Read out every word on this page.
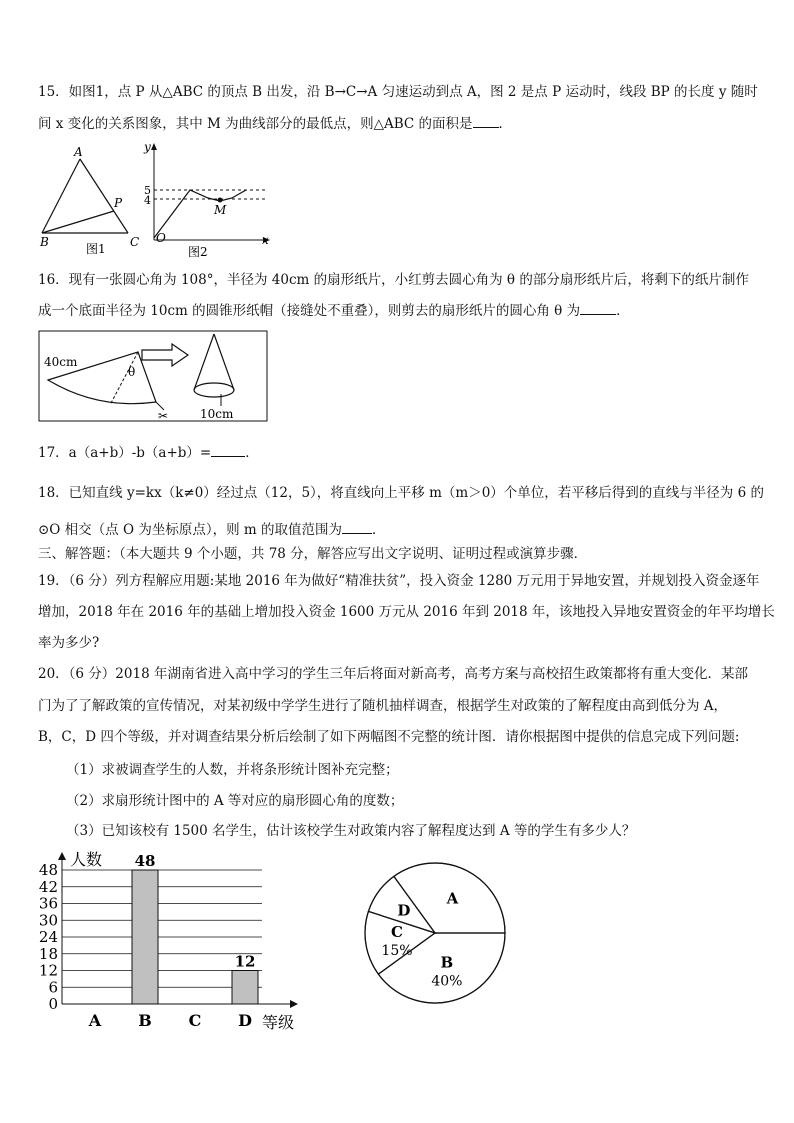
15．如图1，点 P 从△ABC 的顶点 B 出发，沿 B→C→A 匀速运动到点 A，图 2 是点 P 运动时，线段 BP 的长度 y 随时
间 x 变化的关系图象，其中 M 为曲线部分的最低点，则△ABC 的面积是 ．
A
B	C
P
图1
y
5
4
M
O	x
图2
16．现有一张圆心角为 108°，半径为 40cm 的扇形纸片，小红剪去圆心角为 θ 的部分扇形纸片后，将剩下的纸片制作
成一个底面半径为 10cm 的圆锥形纸帽（接缝处不重叠），则剪去的扇形纸片的圆心角 θ 为	．
✂
40cm
θ
10cm
17．a（a+b）-b（a+b）=	．
18．已知直线 y=kx（k≠0）经过点（12，5），将直线向上平移 m（m＞0）个单位，若平移后得到的直线与半径为 6 的
⊙O 相交（点 O 为坐标原点），则 m 的取值范围为 ．
三、解答题：（本大题共 9 个小题，共 78 分，解答应写出文字说明、证明过程或演算步骤．
19．（6 分）列方程解应用题:某地 2016 年为做好“精准扶贫”，投入资金 1280 万元用于异地安置，并规划投入资金逐年
增加，2018 年在 2016 年的基础上增加投入资金 1600 万元从 2016 年到 2018 年，该地投入异地安置资金的年平均增长
率为多少?
20．（6 分）2018 年湖南省进入高中学习的学生三年后将面对新高考，高考方案与高校招生政策都将有重大变化．某部
门为了了解政策的宣传情况，对某初级中学学生进行了随机抽样调查，根据学生对政策的了解程度由高到低分为 A，
B，C，D 四个等级，并对调查结果分析后绘制了如下两幅图不完整的统计图．请你根据图中提供的信息完成下列问题:
（1）求被调查学生的人数，并将条形统计图补充完整；
（2）求扇形统计图中的 A 等对应的扇形圆心角的度数；
（3）已知该校有 1500 名学生，估计该校学生对政策内容了解程度达到 A 等的学生有多少人？
0
6
12
18
24
30
36
42
48
人数
等级
A
48
B C
12
D
A
D
C
15%
B
40%
